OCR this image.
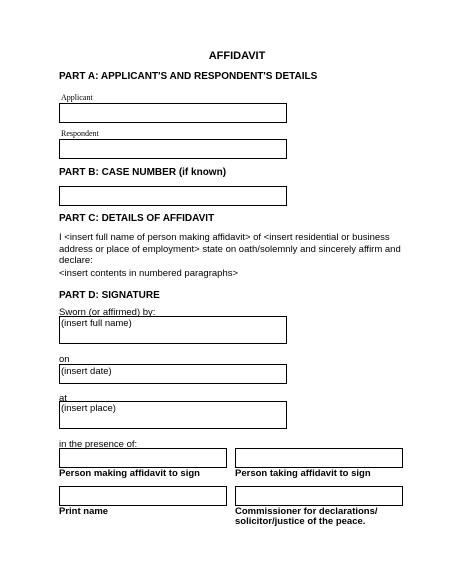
AFFIDAVIT
PART A: APPLICANT'S AND RESPONDENT'S DETAILS
Applicant
Respondent
PART B: CASE NUMBER (if known)
PART C: DETAILS OF AFFIDAVIT
I <insert full name of person making affidavit> of <insert residential or business address or place of employment> state on oath/solemnly and sincerely affirm and declare:
<insert contents in numbered paragraphs>
PART D: SIGNATURE
Sworn (or affirmed) by:
(insert full name)
on
(insert date)
at
(insert place)
in the presence of:
Person making affidavit to sign	Person taking affidavit to sign
Print name	Commissioner for declarations/
solicitor/justice of the peace.
